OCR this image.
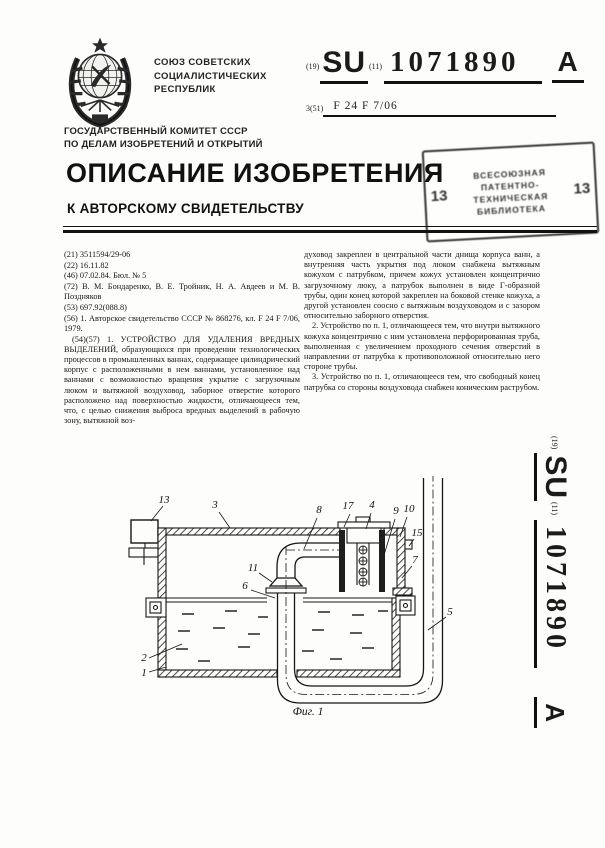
СОЮЗ СОВЕТСКИХ
СОЦИАЛИСТИЧЕСКИХ
РЕСПУБЛИК
ГОСУДАРСТВЕННЫЙ КОМИТЕТ СССР
ПО ДЕЛАМ ИЗОБРЕТЕНИЙ И ОТКРЫТИЙ
(19) SU (11) 1071890	A
3(51) F 24 F 7/06
13
ВСЕСОЮЗНАЯ
ПАТЕНТНО-
ТЕХНИЧЕСКАЯ
БИБЛИОТЕКА
13
ОПИСАНИЕ ИЗОБРЕТЕНИЯ
К АВТОРСКОМУ СВИДЕТЕЛЬСТВУ
(21) 3511594/29-06
(22) 16.11.82
(46) 07.02.84. Бюл. № 5
(72) В. М. Бондаренко, В. Е. Тройник, Н. А. Авдеев и М. В. Поздняков
(53) 697.92(088.8)
(56) 1. Авторское свидетельство СССР № 868276, кл. F 24 F 7/06, 1979.

(54)(57) 1. УСТРОЙСТВО ДЛЯ УДАЛЕНИЯ ВРЕДНЫХ ВЫДЕЛЕНИЙ, образующихся при проведении технологических процессов в промышленных ваннах, содержащее цилиндрический корпус с расположенными в нем ваннами, установленное над ваннами с возможностью вращения укрытие с загрузочным люком и вытяжной воздуховод, заборное отверстие которого расположено над поверхностью жидкости, отличающееся тем, что, с целью снижения выброса вредных выделений в рабочую зону, вытяжной воз-

духовод закреплен в центральной части днища корпуса ванн, а внутренняя часть укрытия под люком снабжена вытяжным кожухом с патрубком, причем кожух установлен концентрично загрузочному люку, а патрубок выполнен в виде Г-образной трубы, один конец которой закреплен на боковой стенке кожуха, а другой установлен соосно с вытяжным воздуховодом и с зазором относительно заборного отверстия.

2. Устройство по п. 1, отличающееся тем, что внутри вытяжного кожуха концентрично с ним установлена перфорированная труба, выполненная с увеличением проходного сечения отверстий в направлении от патрубка к противоположной относительно него стороне трубы.

3. Устройство по п. 1, отличающееся тем, что свободный конец патрубка со стороны воздуховода снабжен коническим раструбом.

(19)
SU
(11)
1071890
A
13	3	8 17 4 9 10
15
7
5
11
6
2
1
Фиг. 1
